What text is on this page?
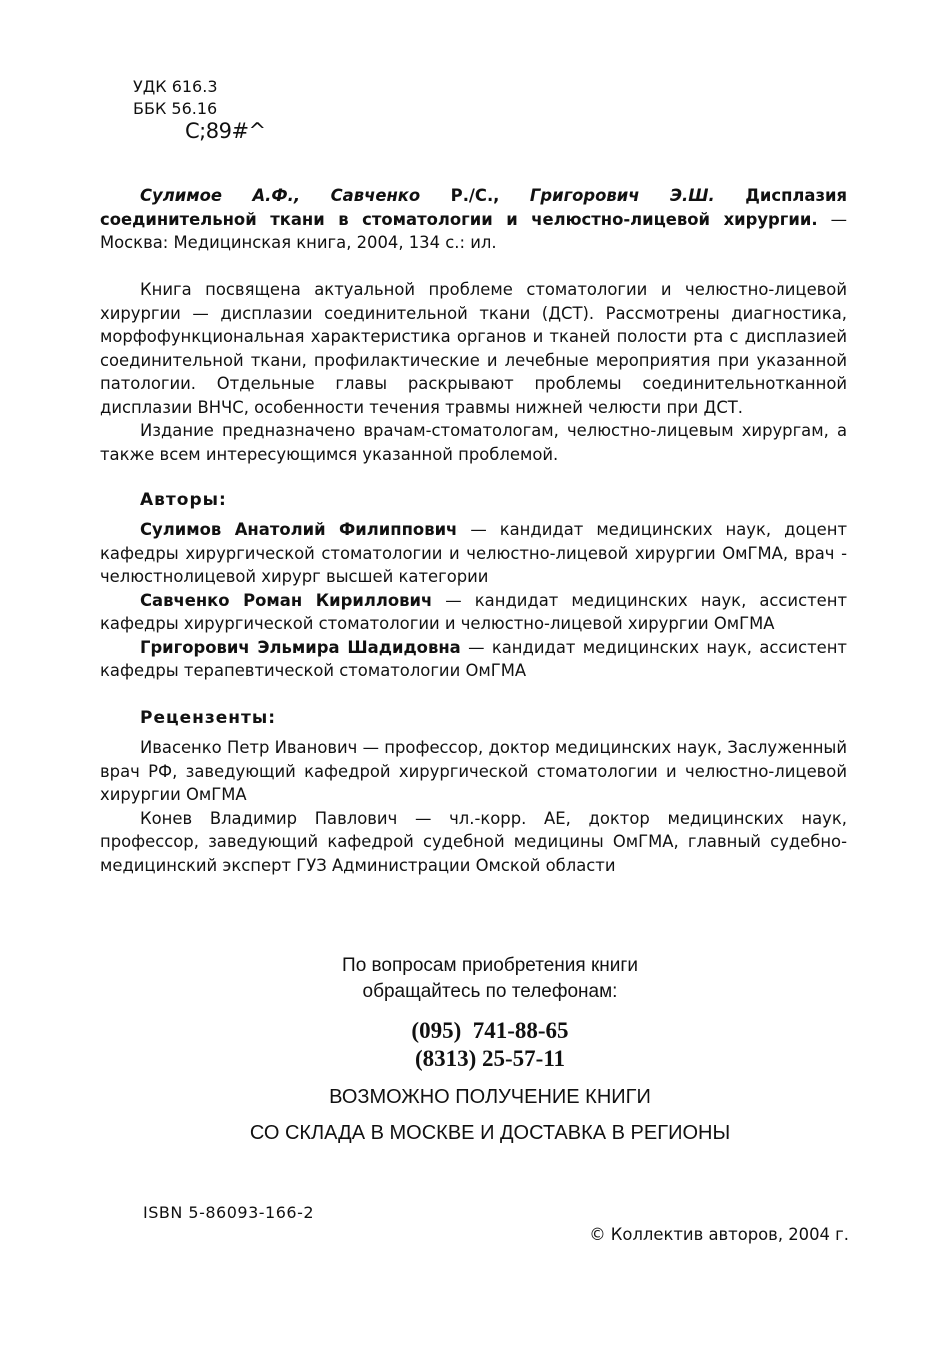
УДК 616.3
ББК 56.16
С;89#^

Сулимое А.Ф., Савченко Р./С., Григорович Э.Ш. Дисплазия соединительной ткани в стоматологии и челюстно-лицевой хирургии. — Москва: Медицинская книга, 2004, 134 с.: ил.

Книга посвящена актуальной проблеме стоматологии и челюстно-лицевой хирургии — дисплазии соединительной ткани (ДСТ). Рассмотрены диагностика, морфофункциональная характеристика органов и тканей полости рта с дисплазией соединительной ткани, профилактические и лечебные мероприятия при указанной патологии. Отдельные главы раскрывают проблемы соединительнотканной дисплазии ВНЧС, особенности течения травмы нижней челюсти при ДСТ.

Издание предназначено врачам-стоматологам, челюстно-лицевым хирургам, а также всем интересующимся указанной проблемой.

Авторы:

Сулимов Анатолий Филиппович — кандидат медицинских наук, доцент кафедры хирургической стоматологии и челюстно-лицевой хирургии ОмГМА, врач - челюстнолицевой хирург высшей категории

Савченко Роман Кириллович — кандидат медицинских наук, ассистент кафедры хирургической стоматологии и челюстно-лицевой хирургии ОмГМА

Григорович Эльмира Шадидовна — кандидат медицинских наук, ассистент кафедры терапевтической стоматологии ОмГМА

Рецензенты:

Ивасенко Петр Иванович — профессор, доктор медицинских наук, Заслуженный врач РФ, заведующий кафедрой хирургической стоматологии и челюстно-лицевой хирургии ОмГМА

Конев Владимир Павлович — чл.-корр. АЕ, доктор медицинских наук, профессор, заведующий кафедрой судебной медицины ОмГМА, главный судебно-медицинский эксперт ГУЗ Администрации Омской области

По вопросам приобретения книги
обращайтесь по телефонам:
(095)  741-88-65
(8313) 25-57-11
ВОЗМОЖНО ПОЛУЧЕНИЕ КНИГИ
СО СКЛАДА В МОСКВЕ И ДОСТАВКА В РЕГИОНЫ
ISBN 5-86093-166-2
© Коллектив авторов, 2004 г.
